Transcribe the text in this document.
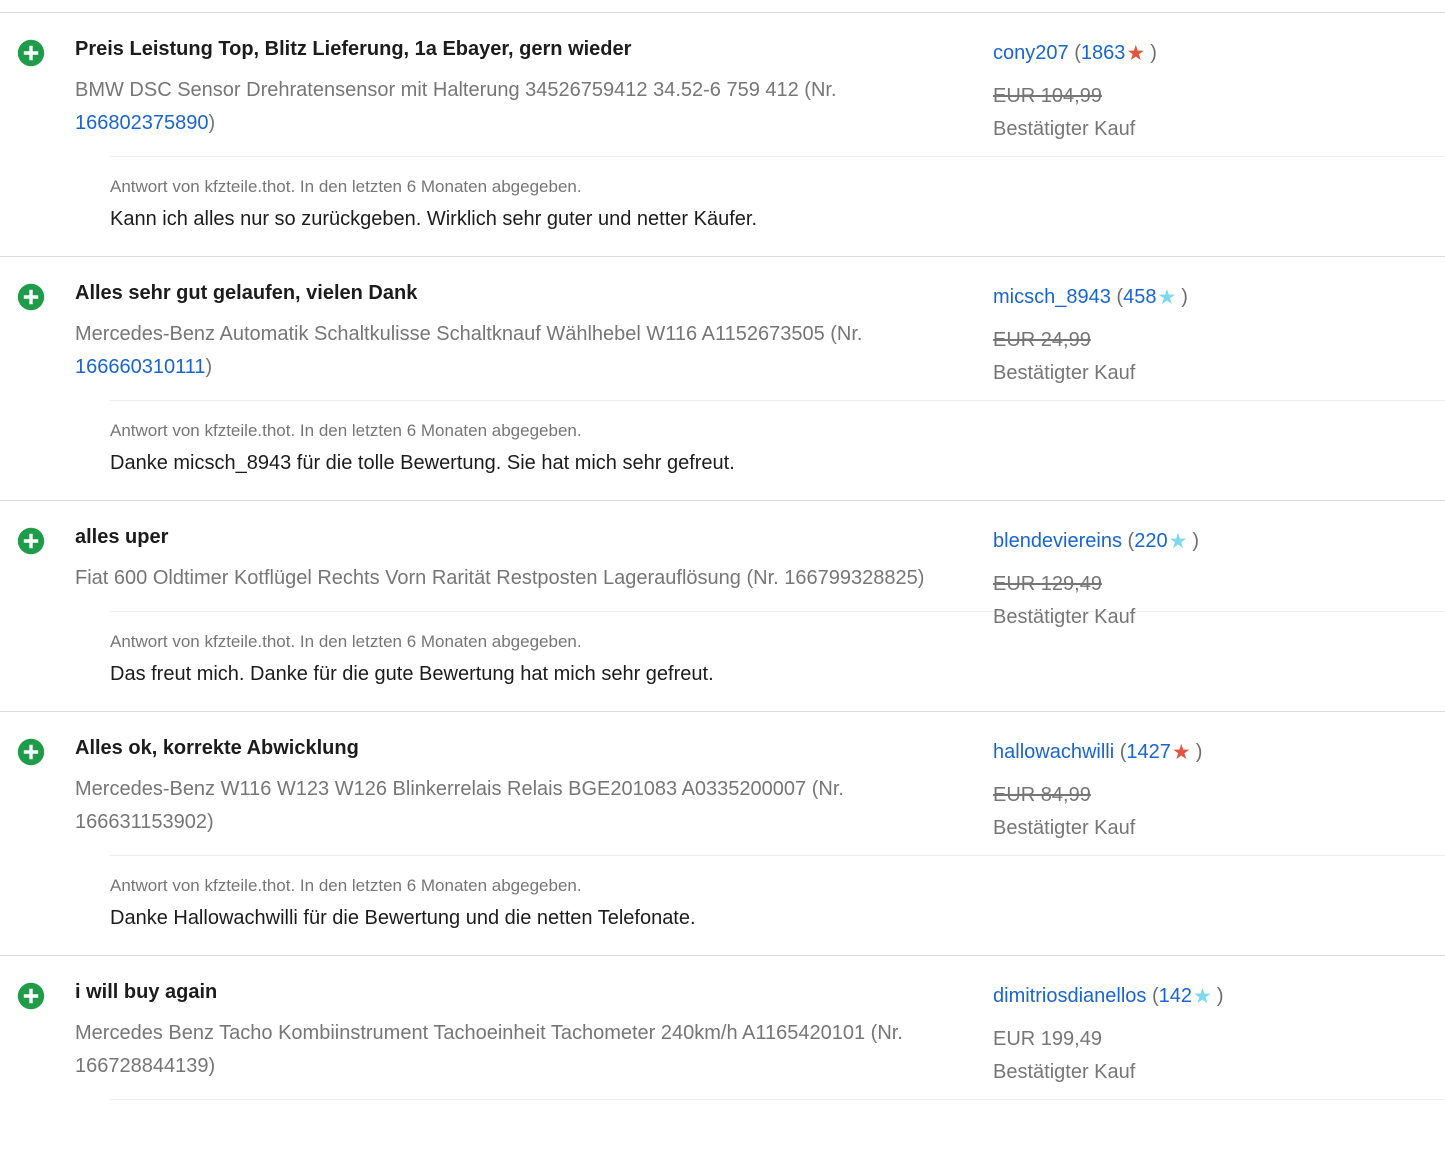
Preis Leistung Top, Blitz Lieferung, 1a Ebayer, gern wieder

BMW DSC Sensor Drehratensensor mit Halterung 34526759412 34.52-6 759 412 (Nr. 166802375890)

cony207 (1863★ )

EUR 104,99

Bestätigter Kauf

Antwort von kfzteile.thot. In den letzten 6 Monaten abgegeben.

Kann ich alles nur so zurückgeben. Wirklich sehr guter und netter Käufer.

Alles sehr gut gelaufen, vielen Dank

Mercedes-Benz Automatik Schaltkulisse Schaltknauf Wählhebel W116 A1152673505 (Nr. 166660310111)

micsch_8943 (458★ )

EUR 24,99

Bestätigter Kauf

Antwort von kfzteile.thot. In den letzten 6 Monaten abgegeben.

Danke micsch_8943 für die tolle Bewertung. Sie hat mich sehr gefreut.

alles uper

Fiat 600 Oldtimer Kotflügel Rechts Vorn Rarität Restposten Lagerauflösung (Nr. 166799328825)

blendeviereins (220★ )

EUR 129,49

Bestätigter Kauf

Antwort von kfzteile.thot. In den letzten 6 Monaten abgegeben.

Das freut mich. Danke für die gute Bewertung hat mich sehr gefreut.

Alles ok, korrekte Abwicklung

Mercedes-Benz W116 W123 W126 Blinkerrelais Relais BGE201083 A0335200007 (Nr. 166631153902)

hallowachwilli (1427★ )

EUR 84,99

Bestätigter Kauf

Antwort von kfzteile.thot. In den letzten 6 Monaten abgegeben.

Danke Hallowachwilli für die Bewertung und die netten Telefonate.

i will buy again

Mercedes Benz Tacho Kombiinstrument Tachoeinheit Tachometer 240km/h A1165420101 (Nr. 166728844139)

dimitriosdianellos (142★ )

EUR 199,49

Bestätigter Kauf
